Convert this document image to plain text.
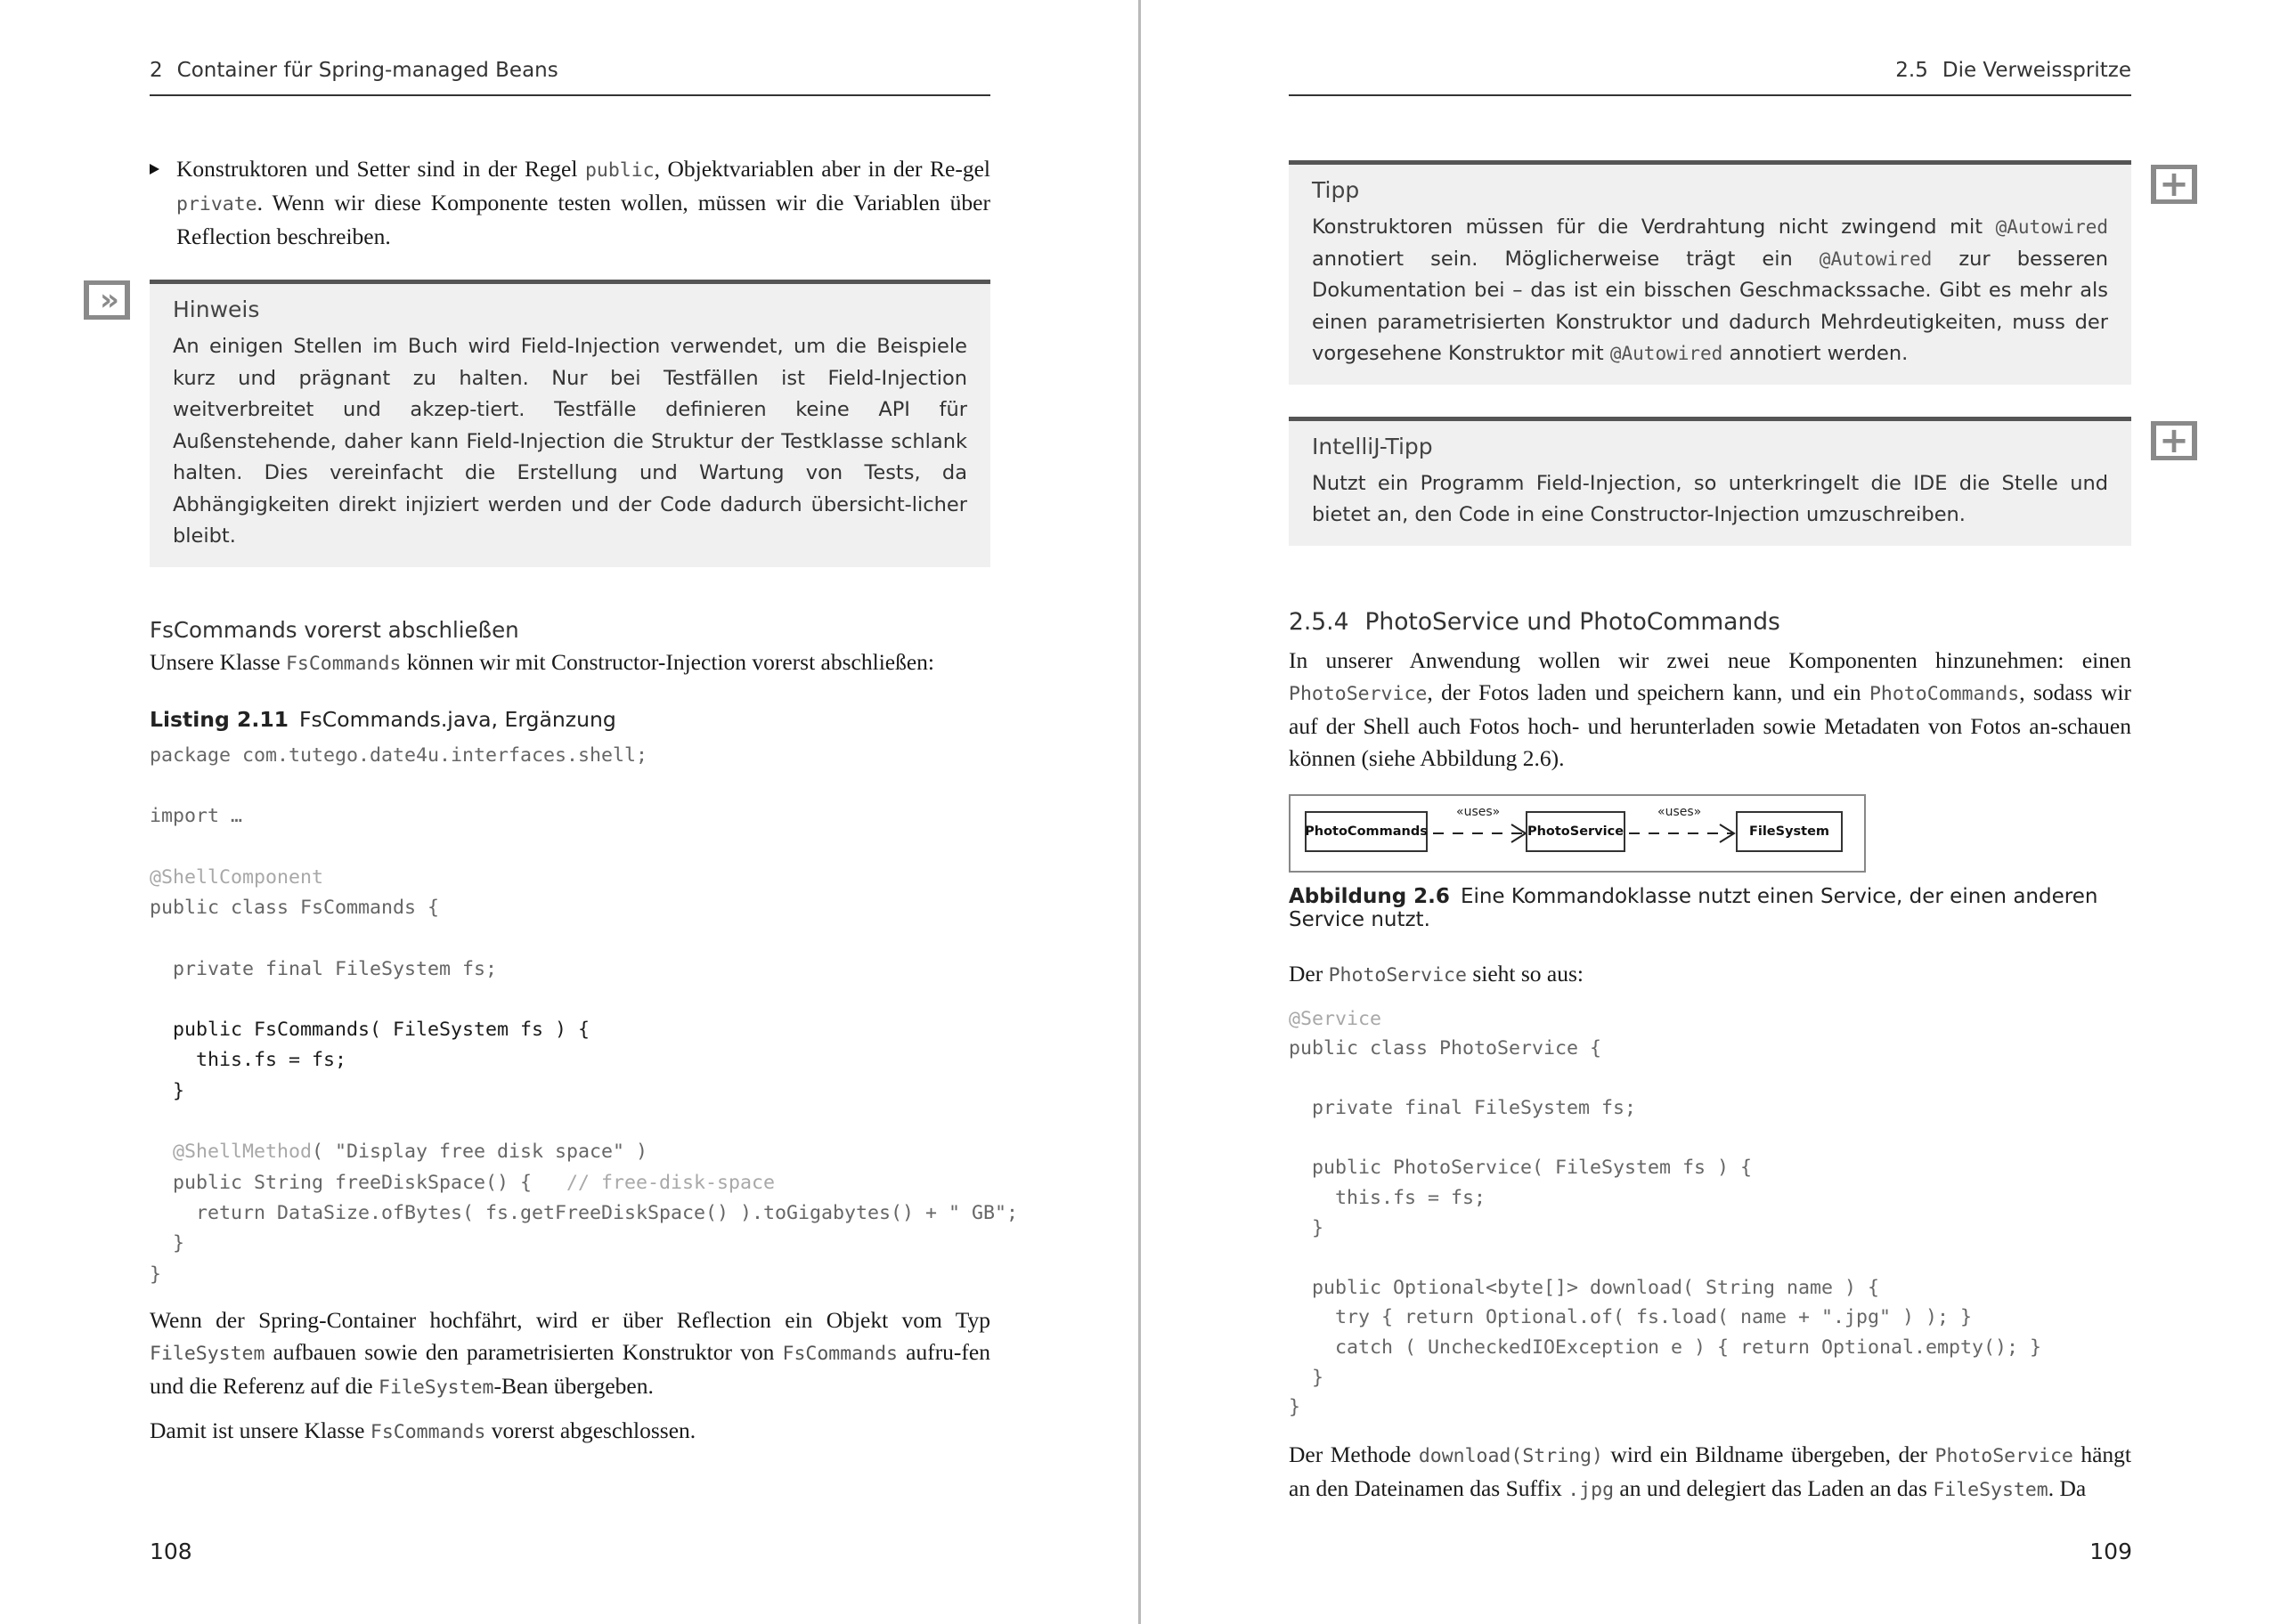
2 Container für Spring-managed Beans
Konstruktoren und Setter sind in der Regel public, Objektvariablen aber in der Re-gel private. Wenn wir diese Komponente testen wollen, müssen wir die Variablen über Reflection beschreiben.
»	Hinweis

An einigen Stellen im Buch wird Field-Injection verwendet, um die Beispiele kurz und prägnant zu halten. Nur bei Testfällen ist Field-Injection weitverbreitet und akzep-tiert. Testfälle definieren keine API für Außenstehende, daher kann Field-Injection die Struktur der Testklasse schlank halten. Dies vereinfacht die Erstellung und Wartung von Tests, da Abhängigkeiten direkt injiziert werden und der Code dadurch übersicht-licher bleibt.

FsCommands vorerst abschließen

Unsere Klasse FsCommands können wir mit Constructor-Injection vorerst abschließen:

Listing 2.11 FsCommands.java, Ergänzung
package com.tutego.date4u.interfaces.shell;

import …

@ShellComponent
public class FsCommands {

private final FileSystem fs;

public FsCommands( FileSystem fs ) {
this.fs = fs;
}

@ShellMethod( "Display free disk space" )
public String freeDiskSpace() {   // free-disk-space
return DataSize.ofBytes( fs.getFreeDiskSpace() ).toGigabytes() + " GB";
}
}

Wenn der Spring-Container hochfährt, wird er über Reflection ein Objekt vom Typ FileSystem aufbauen sowie den parametrisierten Konstruktor von FsCommands aufru-fen und die Referenz auf die FileSystem-Bean übergeben.

Damit ist unsere Klasse FsCommands vorerst abgeschlossen.

108
2.5 Die Verweisspritze
+
Tipp

Konstruktoren müssen für die Verdrahtung nicht zwingend mit @Autowired annotiert sein. Möglicherweise trägt ein @Autowired zur besseren Dokumentation bei – das ist ein bisschen Geschmackssache. Gibt es mehr als einen parametrisierten Konstruktor und dadurch Mehrdeutigkeiten, muss der vorgesehene Konstruktor mit @Autowired annotiert werden.

+
IntelliJ-Tipp

Nutzt ein Programm Field-Injection, so unterkringelt die IDE die Stelle und bietet an, den Code in eine Constructor-Injection umzuschreiben.

2.5.4 PhotoService und PhotoCommands

In unserer Anwendung wollen wir zwei neue Komponenten hinzunehmen: einen PhotoService, der Fotos laden und speichern kann, und ein PhotoCommands, sodass wir auf der Shell auch Fotos hoch- und herunterladen sowie Metadaten von Fotos an-schauen können (siehe Abbildung 2.6).

PhotoCommands	PhotoService	FileSystem
«uses»	«uses»
Abbildung 2.6 Eine Kommandoklasse nutzt einen Service, der einen anderen Service nutzt.

Der PhotoService sieht so aus:

@Service
public class PhotoService {

private final FileSystem fs;

public PhotoService( FileSystem fs ) {
this.fs = fs;
}

public Optional<byte[]> download( String name ) {
try { return Optional.of( fs.load( name + ".jpg" ) ); }
catch ( UncheckedIOException e ) { return Optional.empty(); }
}
}

Der Methode download(String) wird ein Bildname übergeben, der PhotoService hängt an den Dateinamen das Suffix .jpg an und delegiert das Laden an das FileSystem. Da

109
